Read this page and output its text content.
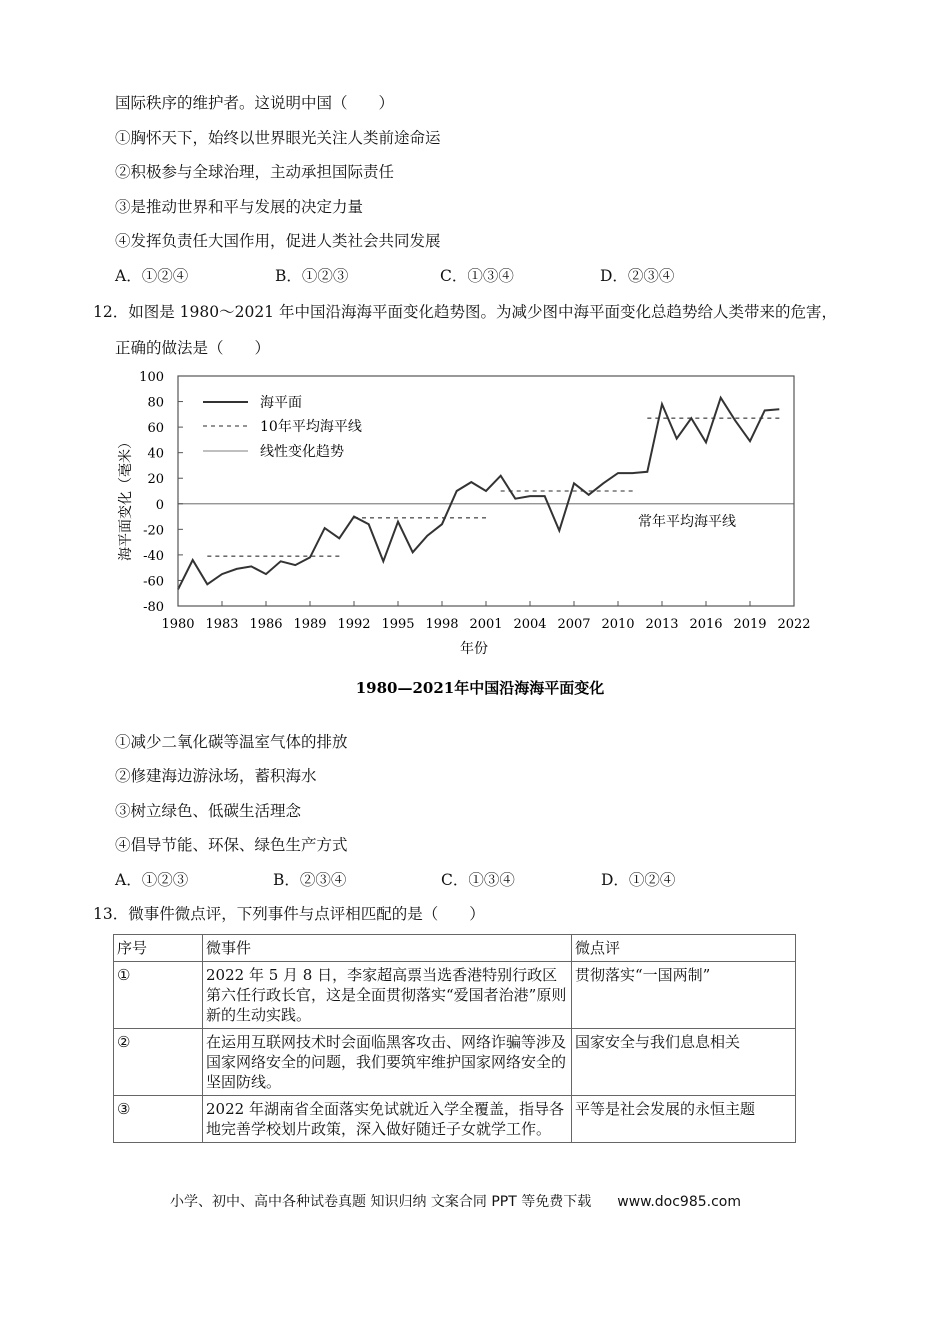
国际秩序的维护者。这说明中国（　　）
①胸怀天下，始终以世界眼光关注人类前途命运
②积极参与全球治理，主动承担国际责任
③是推动世界和平与发展的决定力量
④发挥负责任大国作用，促进人类社会共同发展
A．①②④	B．①②③	C．①③④	D．②③④
12．如图是 1980～2021 年中国沿海海平面变化趋势图。为减少图中海平面变化总趋势给人类带来的危害，
正确的做法是（　　）
100
80
60
40
20
0
-20
-40
-60
-80
1980 1983 1986 1989 1992 1995 1998 2001 2004 2007 2010 2013 2016 2019 2022
海平面变化（毫米）
年份
常年平均海平线
海平面
10年平均海平线
线性变化趋势
1980—2021年中国沿海海平面变化
①减少二氧化碳等温室气体的排放
②修建海边游泳场，蓄积海水
③树立绿色、低碳生活理念
④倡导节能、环保、绿色生产方式
A．①②③	B．②③④	C．①③④	D．①②④
13．微事件微点评，下列事件与点评相匹配的是（　　）
序号	微事件	微点评
①	2022 年 5 月 8 日，李家超高票当选香港特别行政区第六任行政长官，这是全面贯彻落实“爱国者治港”原则新的生动实践。	贯彻落实“一国两制”
②	在运用互联网技术时会面临黑客攻击、网络诈骗等涉及国家网络安全的问题，我们要筑牢维护国家网络安全的坚固防线。	国家安全与我们息息相关
③	2022 年湖南省全面落实免试就近入学全覆盖，指导各地完善学校划片政策，深入做好随迁子女就学工作。	平等是社会发展的永恒主题
小学、初中、高中各种试卷真题 知识归纳 文案合同 PPT 等免费下载 www.doc985.com
